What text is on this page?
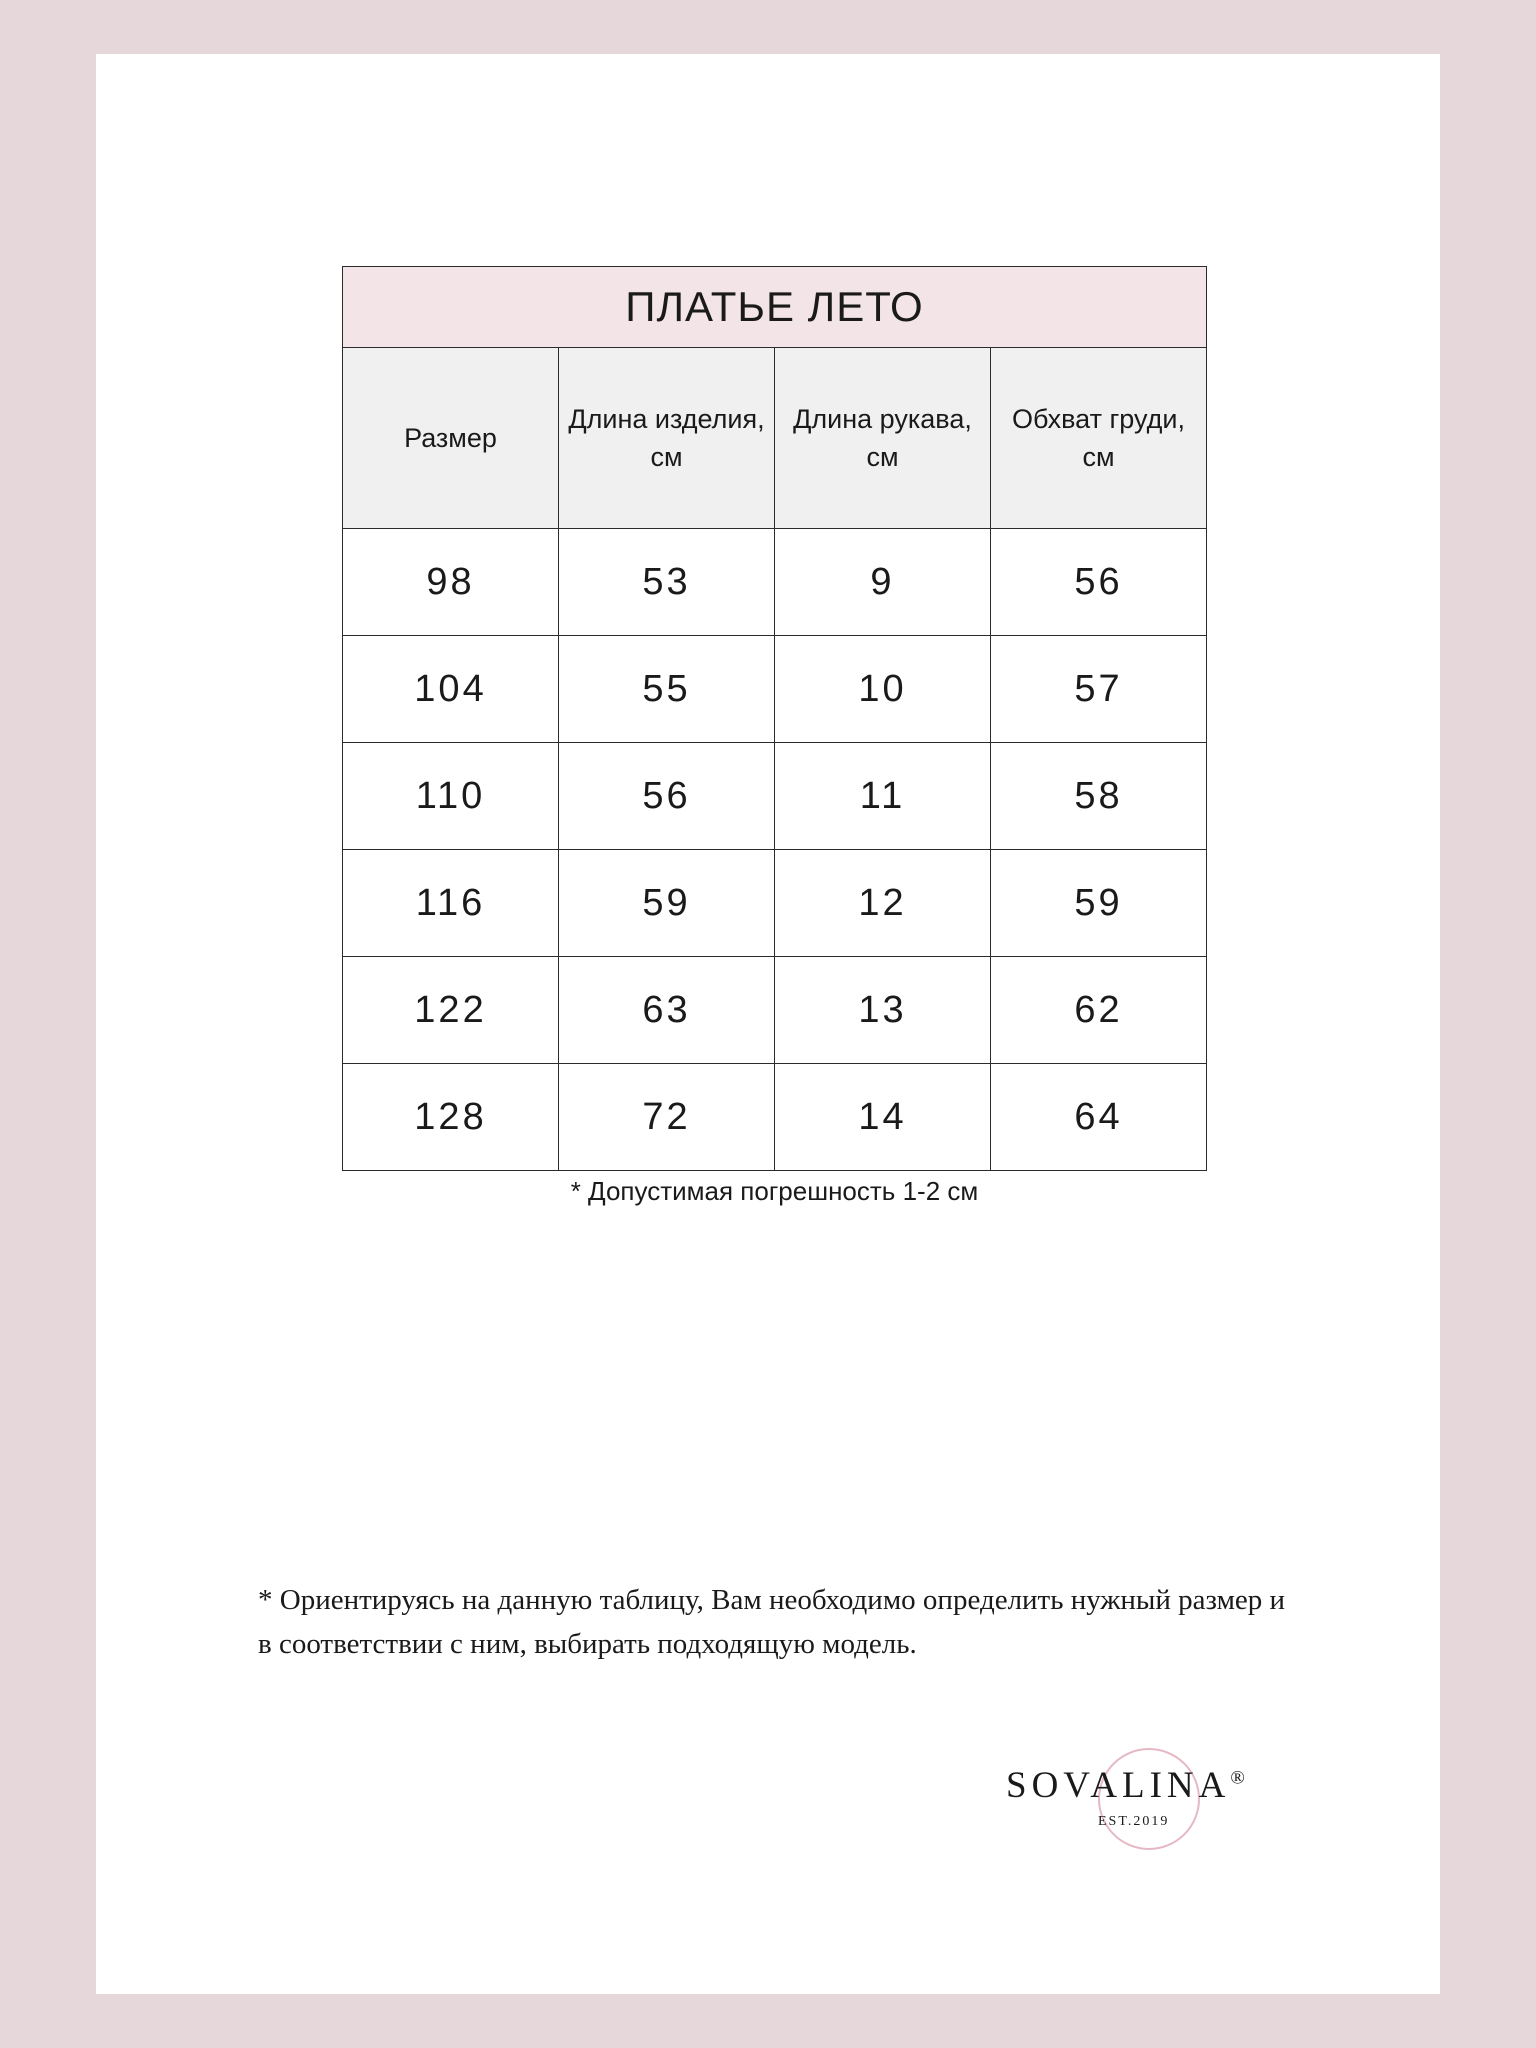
ПЛАТЬЕ ЛЕТО			
Размер	Длина изделия, см	Длина рукава, см	Обхват груди, см
98	53	9	56
104	55	10	57
110	56	11	58
116	59	12	59
122	63	13	62
128	72	14	64
* Допустимая погрешность 1-2 см
* Ориентируясь на данную таблицу, Вам необходимо определить нужный размер и в соответствии с ним, выбирать подходящую модель.
SOVALINA®
EST.2019
